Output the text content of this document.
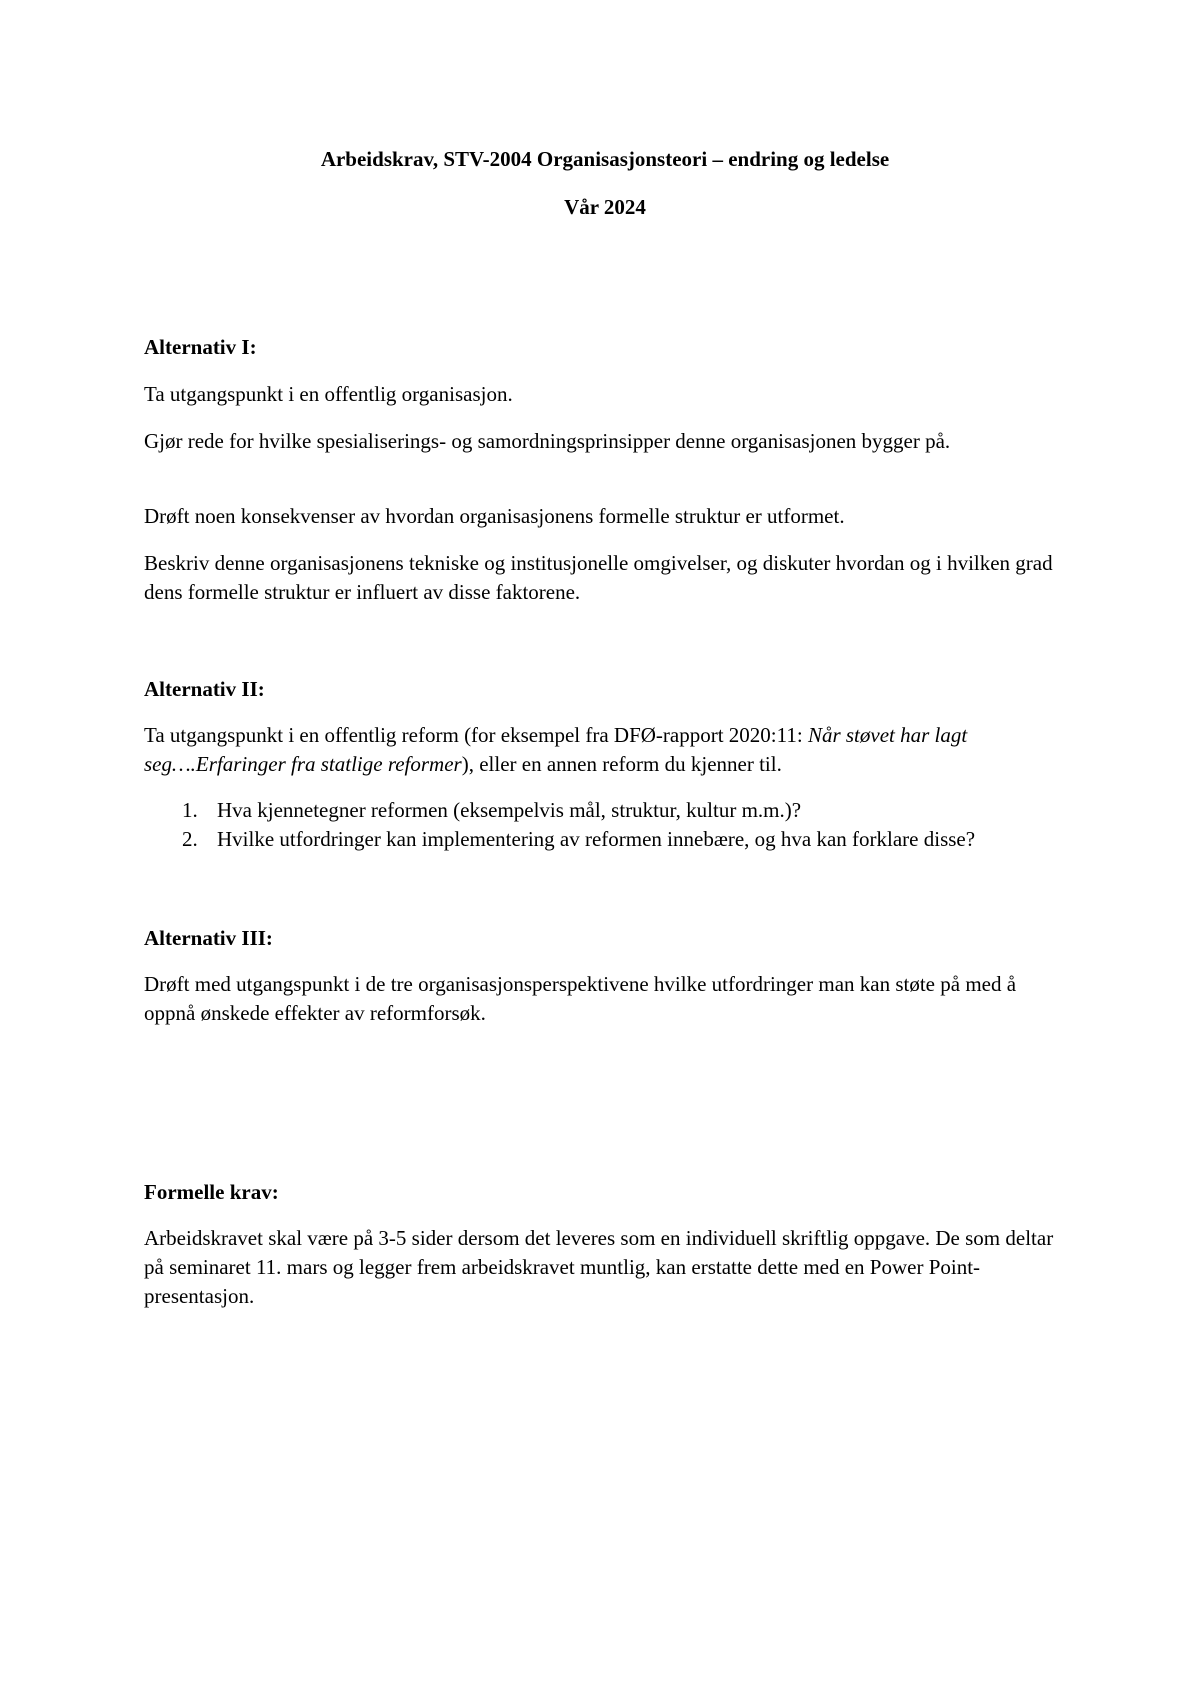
Arbeidskrav, STV-2004 Organisasjonsteori – endring og ledelse
Vår 2024
Alternativ I:

Ta utgangspunkt i en offentlig organisasjon.

Gjør rede for hvilke spesialiserings- og samordningsprinsipper denne organisasjonen bygger på.

Drøft noen konsekvenser av hvordan organisasjonens formelle struktur er utformet.

Beskriv denne organisasjonens tekniske og institusjonelle omgivelser, og diskuter hvordan og i hvilken grad dens formelle struktur er influert av disse faktorene.

Alternativ II:

Ta utgangspunkt i en offentlig reform (for eksempel fra DFØ-rapport 2020:11: Når støvet har lagt seg….Erfaringer fra statlige reformer), eller en annen reform du kjenner til.

1. Hva kjennetegner reformen (eksempelvis mål, struktur, kultur m.m.)?
2. Hvilke utfordringer kan implementering av reformen innebære, og hva kan forklare disse?
Alternativ III:

Drøft med utgangspunkt i de tre organisasjonsperspektivene hvilke utfordringer man kan støte på med å oppnå ønskede effekter av reformforsøk.

Formelle krav:

Arbeidskravet skal være på 3-5 sider dersom det leveres som en individuell skriftlig oppgave. De som deltar på seminaret 11. mars og legger frem arbeidskravet muntlig, kan erstatte dette med en Power Point-presentasjon.
